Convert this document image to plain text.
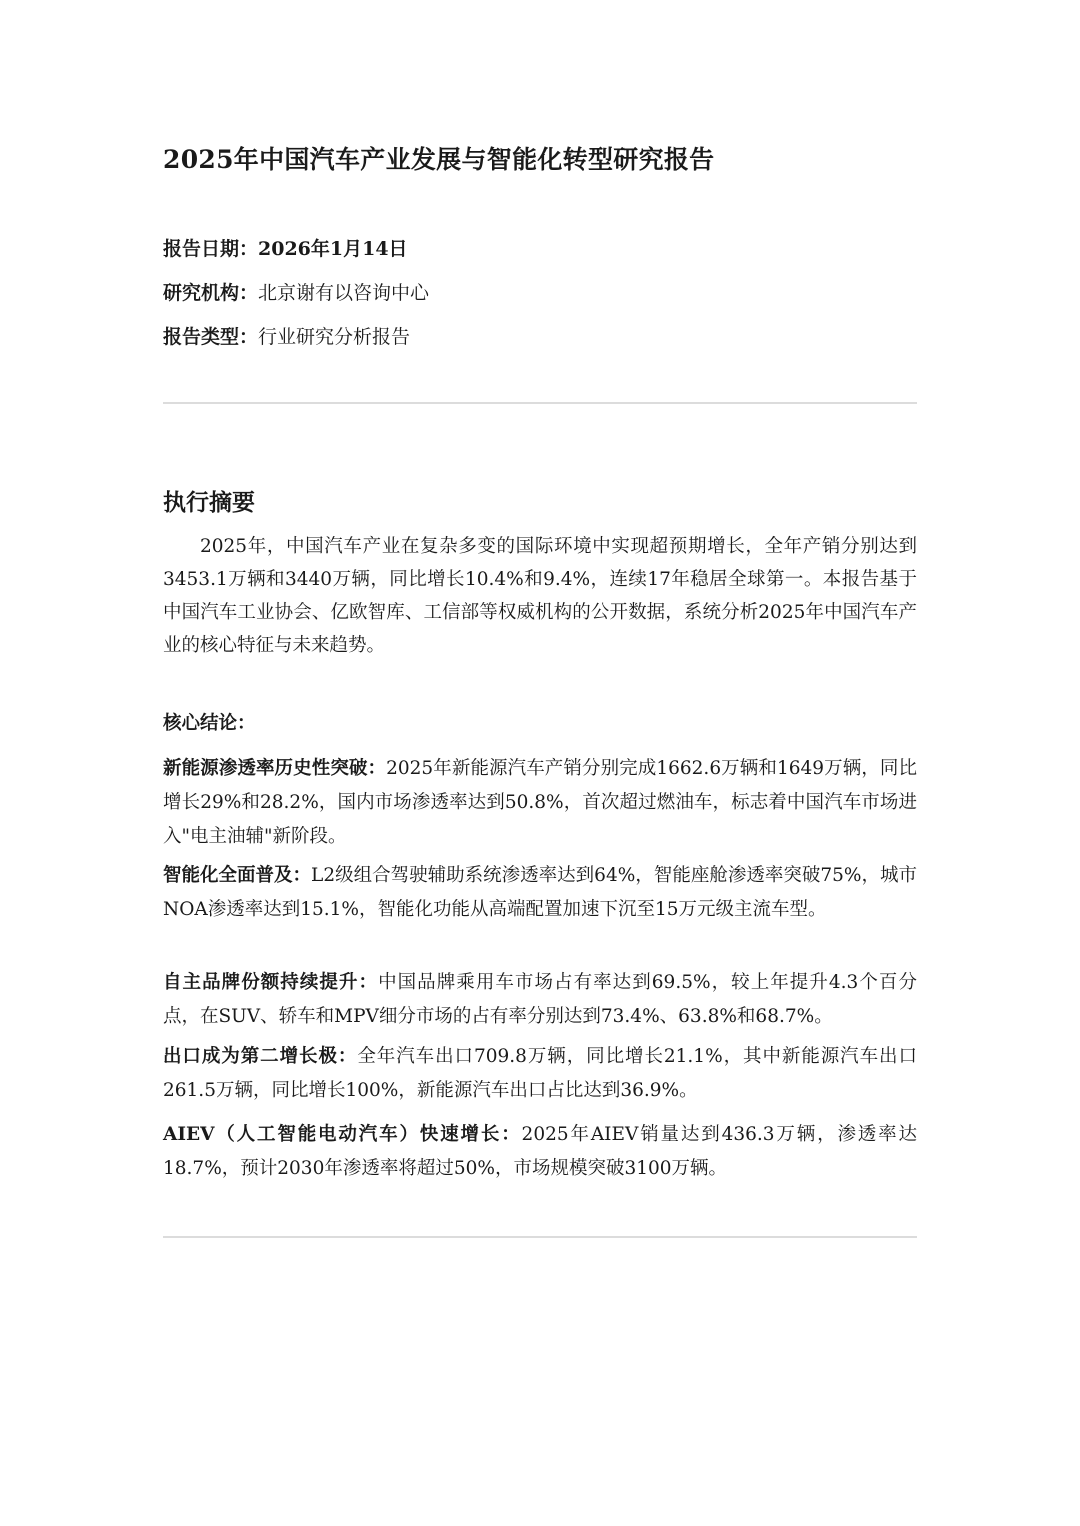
2025年中国汽车产业发展与智能化转型研究报告

报告日期：2026年1月14日

研究机构：北京谢有以咨询中心

报告类型：行业研究分析报告

执行摘要

2025年，中国汽车产业在复杂多变的国际环境中实现超预期增长，全年产销分别达到3453.1万辆和3440万辆，同比增长10.4%和9.4%，连续17年稳居全球第一。本报告基于中国汽车工业协会、亿欧智库、工信部等权威机构的公开数据，系统分析2025年中国汽车产业的核心特征与未来趋势。

核心结论：

新能源渗透率历史性突破：2025年新能源汽车产销分别完成1662.6万辆和1649万辆，同比增长29%和28.2%，国内市场渗透率达到50.8%，首次超过燃油车，标志着中国汽车市场进入"电主油辅"新阶段。

智能化全面普及：L2级组合驾驶辅助系统渗透率达到64%，智能座舱渗透率突破75%，城市NOA渗透率达到15.1%，智能化功能从高端配置加速下沉至15万元级主流车型。

自主品牌份额持续提升：中国品牌乘用车市场占有率达到69.5%，较上年提升4.3个百分点，在SUV、轿车和MPV细分市场的占有率分别达到73.4%、63.8%和68.7%。

出口成为第二增长极：全年汽车出口709.8万辆，同比增长21.1%，其中新能源汽车出口261.5万辆，同比增长100%，新能源汽车出口占比达到36.9%。

AIEV（人工智能电动汽车）快速增长：2025年AIEV销量达到436.3万辆，渗透率达18.7%，预计2030年渗透率将超过50%，市场规模突破3100万辆。
